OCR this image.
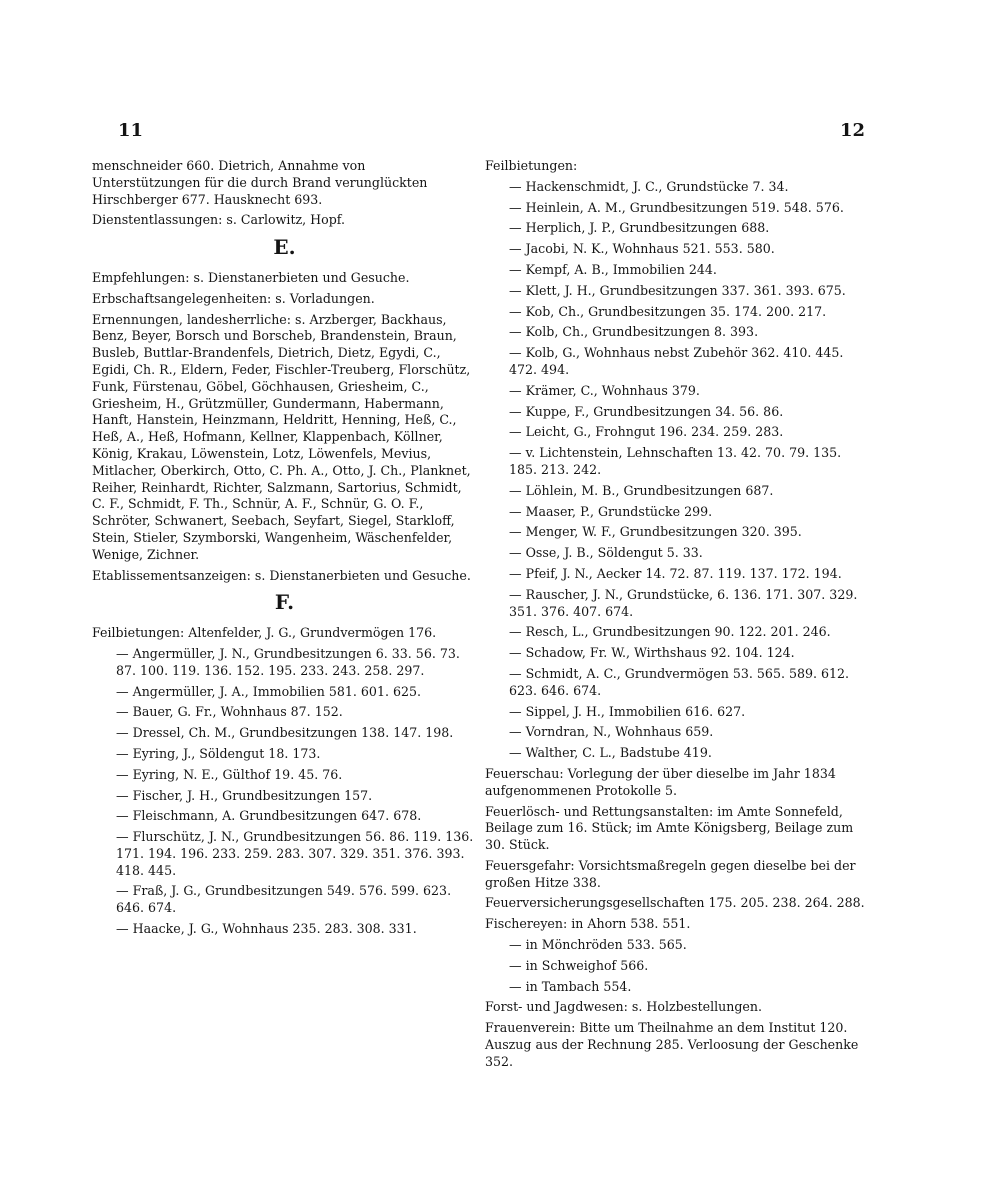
11	12

menschneider 660. Dietrich, Annahme von Unterstützungen für die durch Brand verunglückten Hirschberger 677. Hausknecht 693.

Dienstentlassungen: s. Carlowitz, Hopf.

E.

Empfehlungen: s. Dienstanerbieten und Gesuche.

Erbschaftsangelegenheiten: s. Vorladungen.

Ernennungen, landesherrliche: s. Arzberger, Backhaus, Benz, Beyer, Borsch und Borscheb, Brandenstein, Braun, Busleb, Buttlar-Brandenfels, Dietrich, Dietz, Egydi, C., Egidi, Ch. R., Eldern, Feder, Fischler-Treuberg, Florschütz, Funk, Fürstenau, Göbel, Göchhausen, Griesheim, C., Griesheim, H., Grützmüller, Gundermann, Habermann, Hanft, Hanstein, Heinzmann, Heldritt, Henning, Heß, C., Heß, A., Heß, Hofmann, Kellner, Klappenbach, Köllner, König, Krakau, Löwenstein, Lotz, Löwenfels, Mevius, Mitlacher, Oberkirch, Otto, C. Ph. A., Otto, J. Ch., Planknet, Reiher, Reinhardt, Richter, Salzmann, Sartorius, Schmidt, C. F., Schmidt, F. Th., Schnür, A. F., Schnür, G. O. F., Schröter, Schwanert, Seebach, Seyfart, Siegel, Starkloff, Stein, Stieler, Szymborski, Wangenheim, Wäschenfelder, Wenige, Zichner.

Etablissementsanzeigen: s. Dienstanerbieten und Gesuche.

F.

Feilbietungen: Altenfelder, J. G., Grundvermögen 176.

— Angermüller, J. N., Grundbesitzungen 6. 33. 56. 73. 87. 100. 119. 136. 152. 195. 233. 243. 258. 297.

— Angermüller, J. A., Immobilien 581. 601. 625.

— Bauer, G. Fr., Wohnhaus 87. 152.

— Dressel, Ch. M., Grundbesitzungen 138. 147. 198.

— Eyring, J., Söldengut 18. 173.

— Eyring, N. E., Gülthof 19. 45. 76.

— Fischer, J. H., Grundbesitzungen 157.

— Fleischmann, A. Grundbesitzungen 647. 678.

— Flurschütz, J. N., Grundbesitzungen 56. 86. 119. 136. 171. 194. 196. 233. 259. 283. 307. 329. 351. 376. 393. 418. 445.

— Fraß, J. G., Grundbesitzungen 549. 576. 599. 623. 646. 674.

— Haacke, J. G., Wohnhaus 235. 283. 308. 331.

Feilbietungen:

— Hackenschmidt, J. C., Grundstücke 7. 34.

— Heinlein, A. M., Grundbesitzungen 519. 548. 576.

— Herplich, J. P., Grundbesitzungen 688.

— Jacobi, N. K., Wohnhaus 521. 553. 580.

— Kempf, A. B., Immobilien 244.

— Klett, J. H., Grundbesitzungen 337. 361. 393. 675.

— Kob, Ch., Grundbesitzungen 35. 174. 200. 217.

— Kolb, Ch., Grundbesitzungen 8. 393.

— Kolb, G., Wohnhaus nebst Zubehör 362. 410. 445. 472. 494.

— Krämer, C., Wohnhaus 379.

— Kuppe, F., Grundbesitzungen 34. 56. 86.

— Leicht, G., Frohngut 196. 234. 259. 283.

— v. Lichtenstein, Lehnschaften 13. 42. 70. 79. 135. 185. 213. 242.

— Löhlein, M. B., Grundbesitzungen 687.

— Maaser, P., Grundstücke 299.

— Menger, W. F., Grundbesitzungen 320. 395.

— Osse, J. B., Söldengut 5. 33.

— Pfeif, J. N., Aecker 14. 72. 87. 119. 137. 172. 194.

— Rauscher, J. N., Grundstücke, 6. 136. 171. 307. 329. 351. 376. 407. 674.

— Resch, L., Grundbesitzungen 90. 122. 201. 246.

— Schadow, Fr. W., Wirthshaus 92. 104. 124.

— Schmidt, A. C., Grundvermögen 53. 565. 589. 612. 623. 646. 674.

— Sippel, J. H., Immobilien 616. 627.

— Vorndran, N., Wohnhaus 659.

— Walther, C. L., Badstube 419.

Feuerschau: Vorlegung der über dieselbe im Jahr 1834 aufgenommenen Protokolle 5.

Feuerlösch- und Rettungsanstalten: im Amte Sonnefeld, Beilage zum 16. Stück; im Amte Königsberg, Beilage zum 30. Stück.

Feuersgefahr: Vorsichtsmaßregeln gegen dieselbe bei der großen Hitze 338.

Feuerversicherungsgesellschaften 175. 205. 238. 264. 288.

Fischereyen: in Ahorn 538. 551.

— in Mönchröden 533. 565.

— in Schweighof 566.

— in Tambach 554.

Forst- und Jagdwesen: s. Holzbestellungen.

Frauenverein: Bitte um Theilnahme an dem Institut 120. Auszug aus der Rechnung 285. Verloosung der Geschenke 352.
